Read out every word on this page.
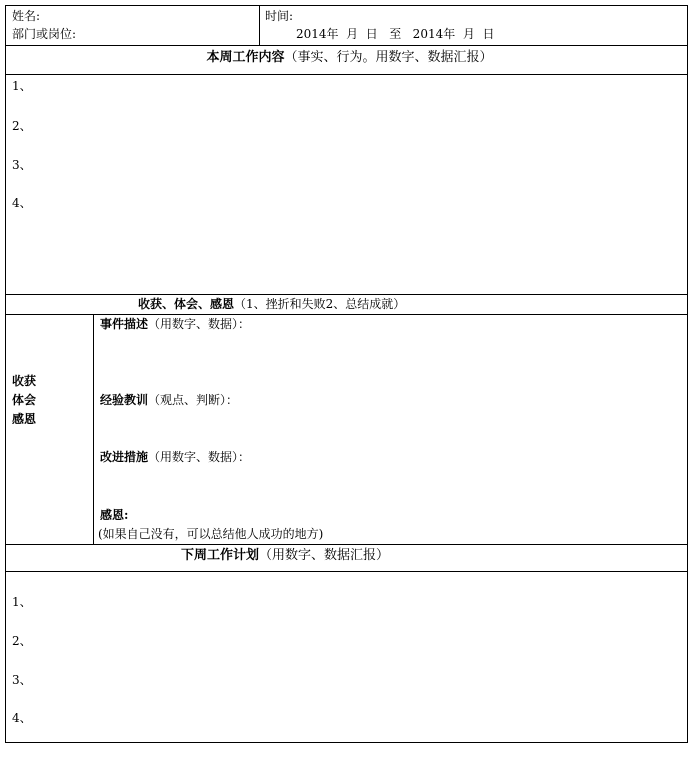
姓名:
部门或岗位:
时间:
2014年  月  日   至   2014年  月  日
本周工作内容（事实、行为。用数字、数据汇报）
1、
2、
3、
4、
收获、体会、感恩（1、挫折和失败2、总结成就）
收获
体会
感恩
事件描述（用数字、数据）：
经验教训（观点、判断）：
改进措施（用数字、数据）：
感恩:
(如果自己没有，可以总结他人成功的地方)
下周工作计划（用数字、数据汇报）
1、
2、
3、
4、
